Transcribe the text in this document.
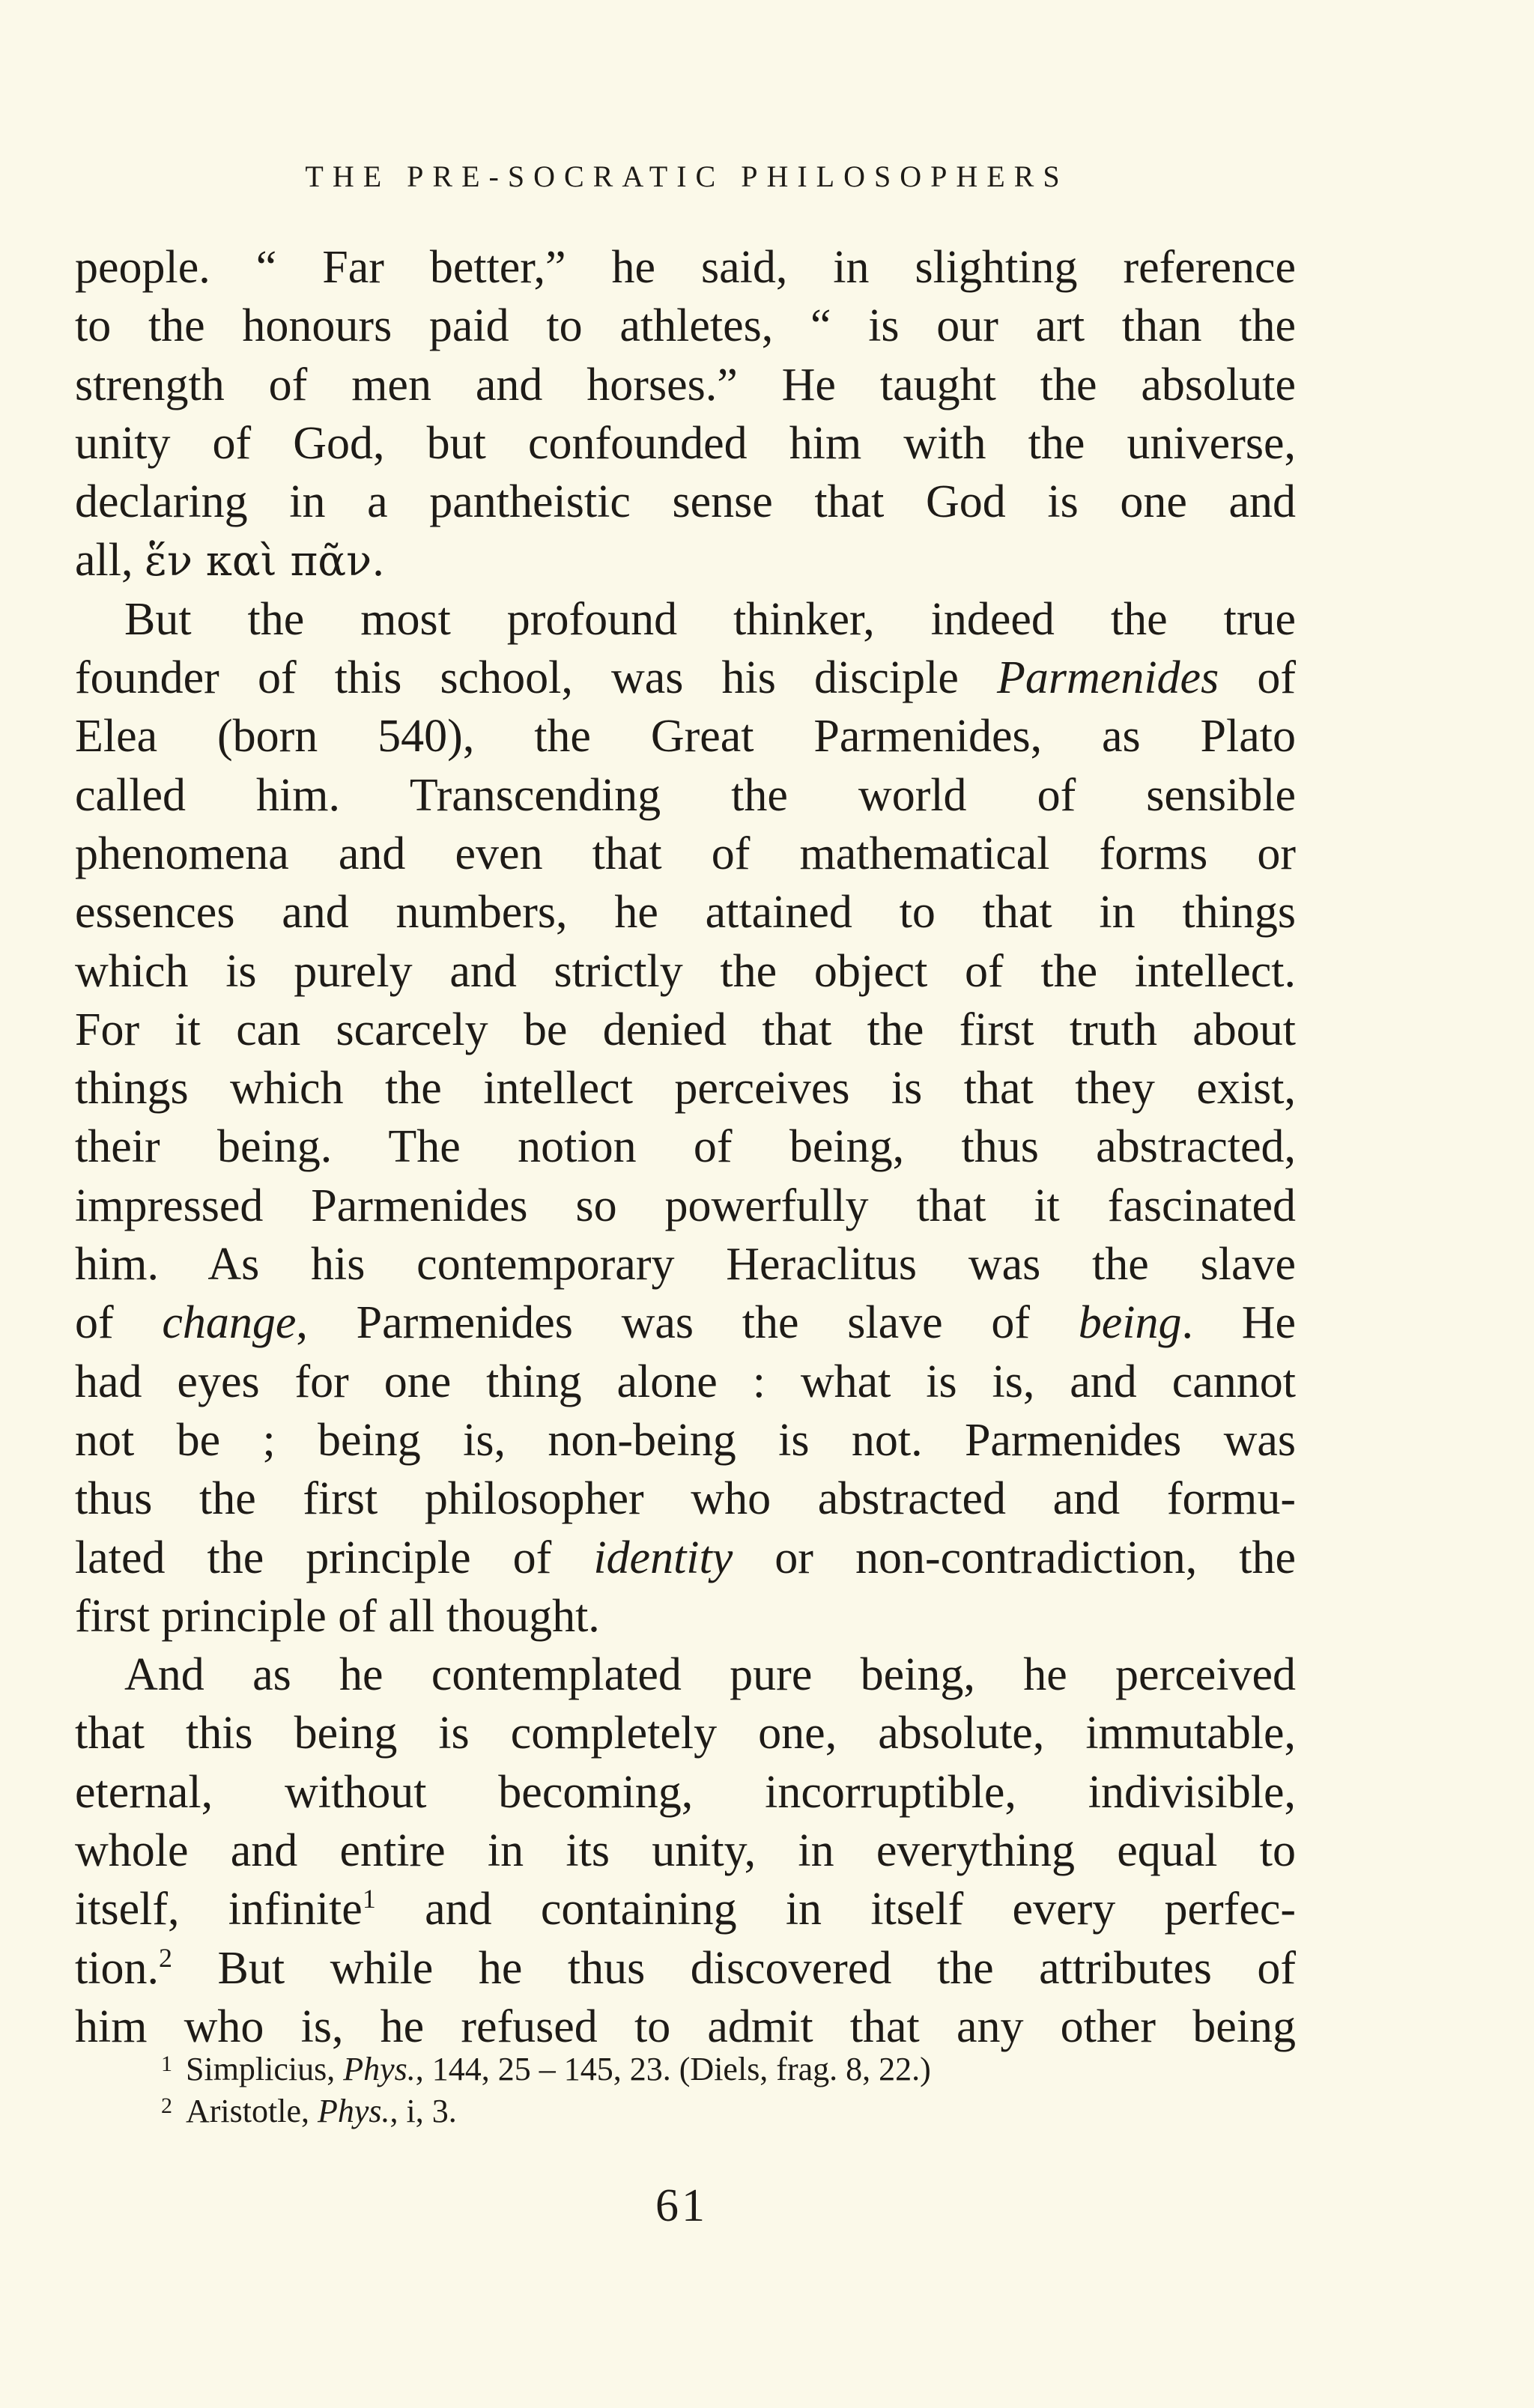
THE PRE-SOCRATIC PHILOSOPHERS
people. “ Far better,” he said, in slighting reference
to the honours paid to athletes, “ is our art than the
strength of men and horses.” He taught the absolute
unity of God, but confounded him with the universe,
declaring in a pantheistic sense that God is one and
all, ἕν καὶ πᾶν.
But the most profound thinker, indeed the true
founder of this school, was his disciple Parmenides of
Elea (born 540), the Great Parmenides, as Plato
called him. Transcending the world of sensible
phenomena and even that of mathematical forms or
essences and numbers, he attained to that in things
which is purely and strictly the object of the intellect.
For it can scarcely be denied that the first truth about
things which the intellect perceives is that they exist,
their being. The notion of being, thus abstracted,
impressed Parmenides so powerfully that it fascinated
him. As his contemporary Heraclitus was the slave
of change, Parmenides was the slave of being. He
had eyes for one thing alone : what is is, and cannot
not be ; being is, non-being is not. Parmenides was
thus the first philosopher who abstracted and formu-
lated the principle of identity or non-contradiction, the
first principle of all thought.
And as he contemplated pure being, he perceived
that this being is completely one, absolute, immutable,
eternal, without becoming, incorruptible, indivisible,
whole and entire in its unity, in everything equal to
itself, infinite$^1$ and containing in itself every perfec-
tion.$^2$ But while he thus discovered the attributes of
him who is, he refused to admit that any other being
$^1$ Simplicius, Phys., 144, 25 – 145, 23. (Diels, frag. 8, 22.)
$^2$ Aristotle, Phys., i, 3.
61
